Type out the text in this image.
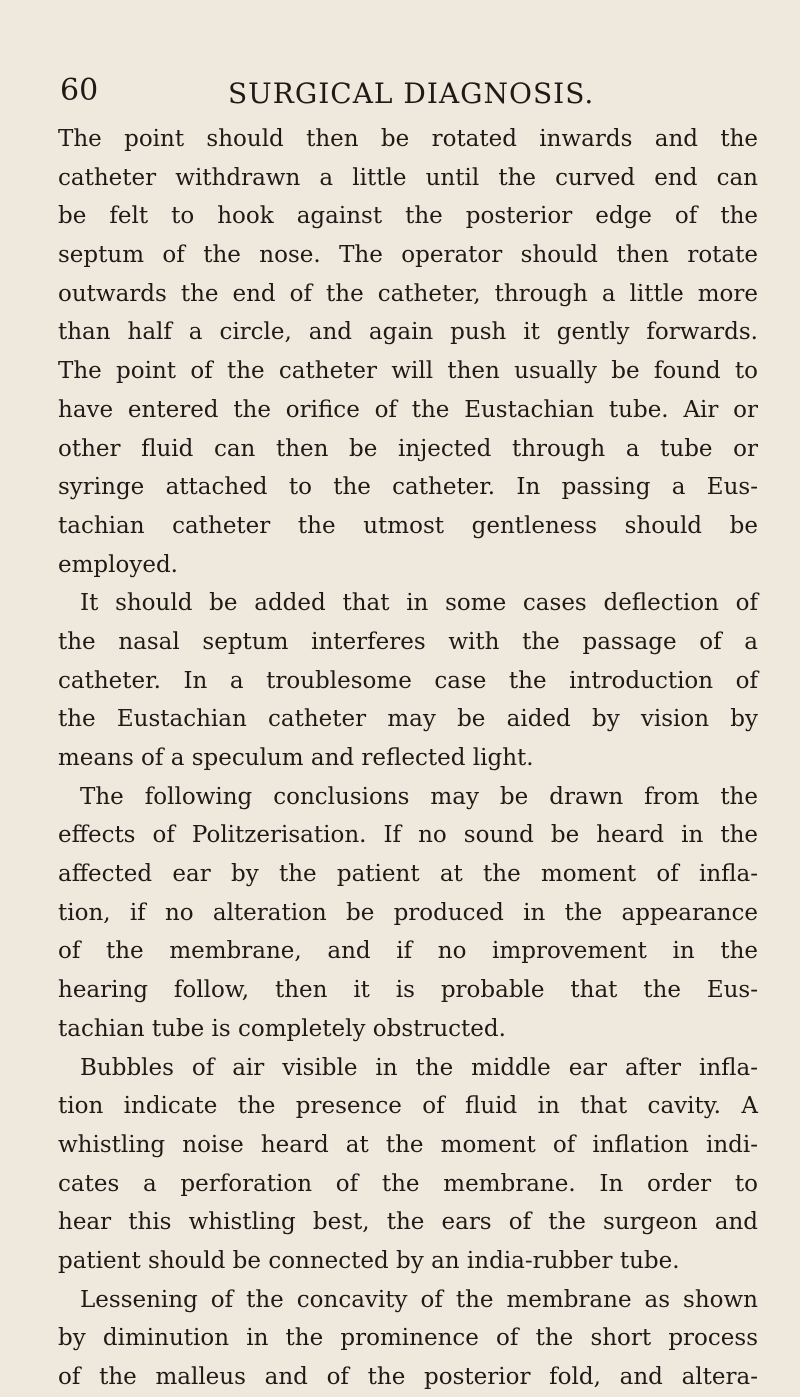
60	SURGICAL DIAGNOSIS.
The point should then be rotated inwards and the
catheter withdrawn a little until the curved end can
be felt to hook against the posterior edge of the
septum of the nose. The operator should then rotate
outwards the end of the catheter, through a little more
than half a circle, and again push it gently forwards.
The point of the catheter will then usually be found to
have entered the orifice of the Eustachian tube. Air or
other fluid can then be injected through a tube or
syringe attached to the catheter. In passing a Eus-
tachian catheter the utmost gentleness should be
employed.
It should be added that in some cases deflection of
the nasal septum interferes with the passage of a
catheter. In a troublesome case the introduction of
the Eustachian catheter may be aided by vision by
means of a speculum and reflected light.
The following conclusions may be drawn from the
effects of Politzerisation. If no sound be heard in the
affected ear by the patient at the moment of infla-
tion, if no alteration be produced in the appearance
of the membrane, and if no improvement in the
hearing follow, then it is probable that the Eus-
tachian tube is completely obstructed.
Bubbles of air visible in the middle ear after infla-
tion indicate the presence of fluid in that cavity. A
whistling noise heard at the moment of inflation indi-
cates a perforation of the membrane. In order to
hear this whistling best, the ears of the surgeon and
patient should be connected by an india-rubber tube.
Lessening of the concavity of the membrane as shown
by diminution in the prominence of the short process
of the malleus and of the posterior fold, and altera-
